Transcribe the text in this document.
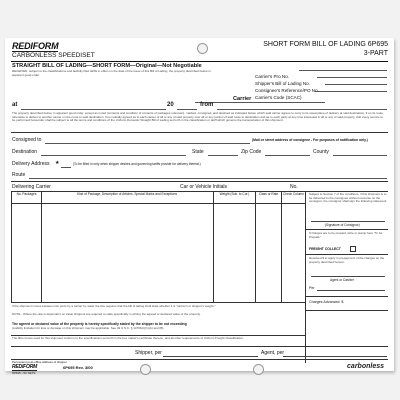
REDIFORM
CARBONLESS SPEEDISET
SHORT FORM BILL OF LADING 6P695
3-PART
STRAIGHT BILL OF LADING—SHORT FORM—Original—Not Negotiable
RECEIVED, subject to the classifications and lawfully filed tariffs in effect on the date of the issue of this Bill of Lading, the property described below in apparent good order.	Carrier's Pro No.
Shipper's Bill of Lading No.
Consignee's Reference/PO No.
Carrier's Code (SCAC)
Carrier
at	20	from
The property described below, in apparent good order, except as noted (contents and condition of contents of packages unknown), marked, consigned, and destined as indicated below, which said carrier agrees to carry to its usual place of delivery at said destination, if on its route, otherwise to deliver to another carrier on the route to said destination. It is mutually agreed as to each carrier of all or any of said property over all or any portion of said route to destination and as to each party at any time interested in all or any of said property, that every service to be performed hereunder shall be subject to all the terms and conditions of the Uniform Domestic Straight Bill of Lading set forth in the classification or tariff which governs the transportation of this shipment.
Consigned to	(Mail or street address of consignee - For purposes of notification only.)
Destination	State	Zip Code	County
Delivery Address ★	(To be filled in only when shipper desires and governing tariffs provide for delivery thereat.)
Route
Delivering Carrier	Car or Vehicle Initials	No.
No. Packages	Kind of Package, Description of Articles, Special Marks and Exceptions	Weight (Sub. to Cor.)	Class or Rate	Check Column	Subject to Section 7 of the conditions, if this shipment is to be delivered to the consignee without recourse on the consignor, the consignor shall sign the following statement
(Signature of Consignor)
If charges are to be prepaid, write or stamp here "To be Prepaid."
FREIGHT COLLECT
Received $ to apply in prepayment of the charges on the property described hereon.
Agent or Cashier
Per
Charges Advanced: $
If the shipment moves between two ports by a carrier by water the law requires that the bill of lading shall state whether it is "carrier's or shipper's weight."
NOTE - Where the rate is dependent on value shippers are required to state specifically in writing the agreed or declared value of the property.
The agreed or declared value of the property is hereby specifically stated by the shipper to be not exceeding
(Liability limitation for loss or damage on this shipment may be applicable. See 49 U.S.C. § 14706(c)(1)(A) and (B).
The fibre boxes used for this shipment conform to the specifications set forth in the box maker's certificate thereon, and all other requirements of Uniform Freight Classification.
Shipper, per	Agent, per
Permanent post-office address of shipper
REDIFORM	6P695 Rev. 3/00
6P695 • 50 SETS
carbonless
